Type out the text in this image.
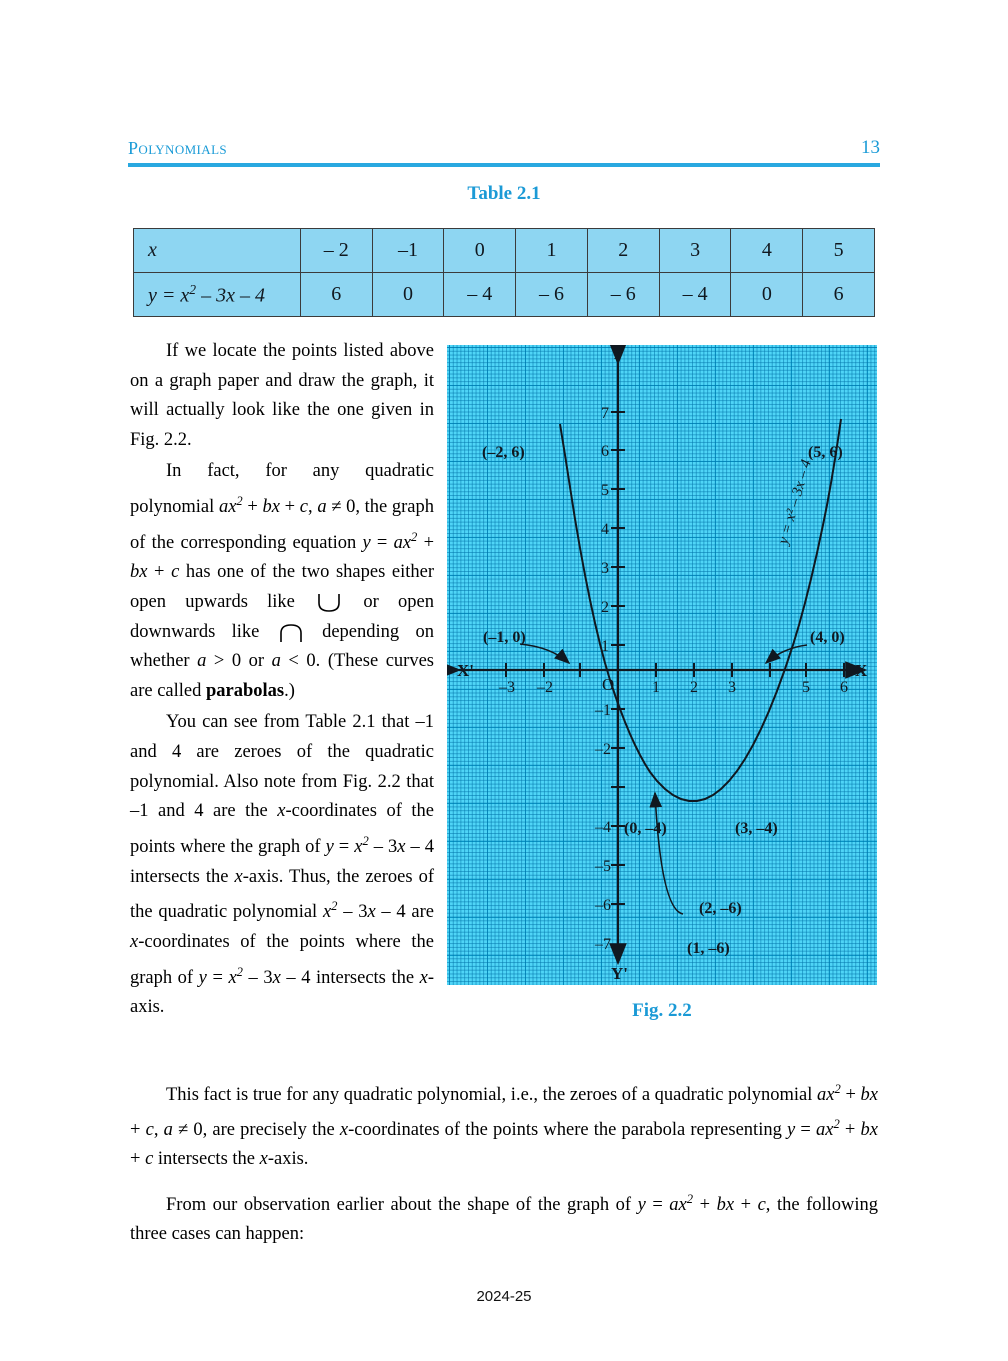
Polynomials	13
Table 2.1
x	– 2	–1	0	1	2	3	4	5
$y = x^2 - 3x - 4$	6	0	– 4	– 6	– 6	– 4	0	6

If we locate the points listed above on a graph paper and draw the graph, it will actually look like the one given in Fig. 2.2.

In fact, for any quadratic polynomial $ax^2$ + bx + c, a ≠ 0, the graph of the corresponding equation $y = ax^2$ + bx + c has one of the two shapes either open upwards like  or open downwards like  depending on whether a > 0 or a < 0. (These curves are called parabolas.)

You can see from Table 2.1 that –1 and 4 are zeroes of the quadratic polynomial. Also note from Fig. 2.2 that –1 and 4 are the x-coordinates of the points where the graph of $y = x^2 - 3x - 4$ intersects the x-axis. Thus, the zeroes of the quadratic polynomial $x^2 - 3x - 4$ are x-coordinates of the points where the graph of $y = x^2 - 3x - 4$ intersects the x-axis.

X
X'
Y
Y'
O
–3 –2	1 2 3	5 6
7
6
5
4
3
2
1
–1
–2
–4
–5
–6
–7
(–2, 6)	(5, 6)
(–1, 0)	(4, 0)
(0, –4)	(3, –4)
(2, –6)
(1, –6)
y = x² – 3x – 4
Fig. 2.2

This fact is true for any quadratic polynomial, i.e., the zeroes of a quadratic polynomial $ax^2$ + bx + c, a ≠ 0, are precisely the x-coordinates of the points where the parabola representing $y = ax^2$ + bx + c intersects the x-axis.

From our observation earlier about the shape of the graph of $y = ax^2$ + bx + c, the following three cases can happen:

2024-25
